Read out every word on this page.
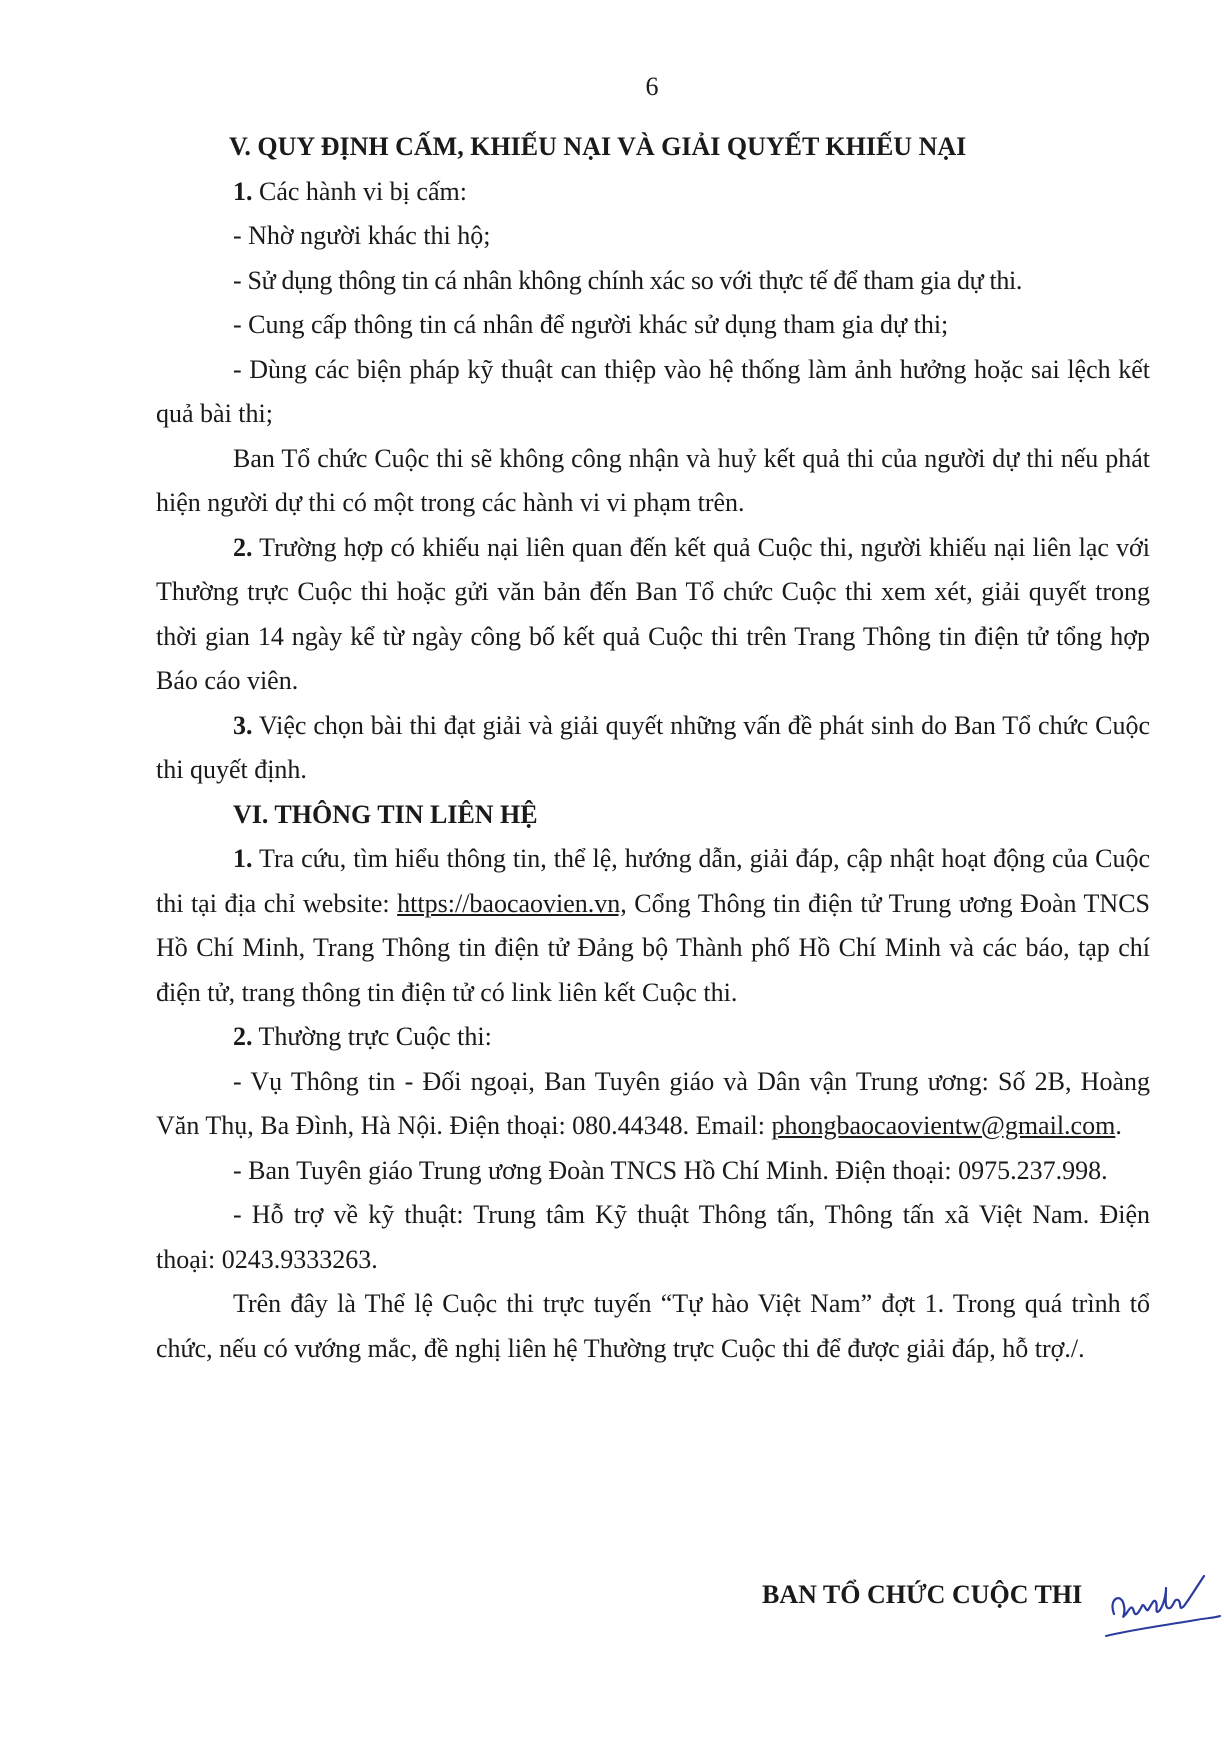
6

V. QUY ĐỊNH CẤM, KHIẾU NẠI VÀ GIẢI QUYẾT KHIẾU NẠI

1. Các hành vi bị cấm:

- Nhờ người khác thi hộ;

- Sử dụng thông tin cá nhân không chính xác so với thực tế để tham gia dự thi.

- Cung cấp thông tin cá nhân để người khác sử dụng tham gia dự thi;

- Dùng các biện pháp kỹ thuật can thiệp vào hệ thống làm ảnh hưởng hoặc sai lệch kết quả bài thi;

Ban Tổ chức Cuộc thi sẽ không công nhận và huỷ kết quả thi của người dự thi nếu phát hiện người dự thi có một trong các hành vi vi phạm trên.

2. Trường hợp có khiếu nại liên quan đến kết quả Cuộc thi, người khiếu nại liên lạc với Thường trực Cuộc thi hoặc gửi văn bản đến Ban Tổ chức Cuộc thi xem xét, giải quyết trong thời gian 14 ngày kể từ ngày công bố kết quả Cuộc thi trên Trang Thông tin điện tử tổng hợp Báo cáo viên.

3. Việc chọn bài thi đạt giải và giải quyết những vấn đề phát sinh do Ban Tổ chức Cuộc thi quyết định.

VI. THÔNG TIN LIÊN HỆ

1. Tra cứu, tìm hiểu thông tin, thể lệ, hướng dẫn, giải đáp, cập nhật hoạt động của Cuộc thi tại địa chỉ website: https://baocaovien.vn, Cổng Thông tin điện tử Trung ương Đoàn TNCS Hồ Chí Minh, Trang Thông tin điện tử Đảng bộ Thành phố Hồ Chí Minh và các báo, tạp chí điện tử, trang thông tin điện tử có link liên kết Cuộc thi.

2. Thường trực Cuộc thi:

- Vụ Thông tin - Đối ngoại, Ban Tuyên giáo và Dân vận Trung ương: Số 2B, Hoàng Văn Thụ, Ba Đình, Hà Nội. Điện thoại: 080.44348. Email: phongbaocaovientw@gmail.com.

- Ban Tuyên giáo Trung ương Đoàn TNCS Hồ Chí Minh. Điện thoại: 0975.237.998.

- Hỗ trợ về kỹ thuật: Trung tâm Kỹ thuật Thông tấn, Thông tấn xã Việt Nam. Điện thoại: 0243.9333263.

Trên đây là Thể lệ Cuộc thi trực tuyến “Tự hào Việt Nam” đợt 1. Trong quá trình tổ chức, nếu có vướng mắc, đề nghị liên hệ Thường trực Cuộc thi để được giải đáp, hỗ trợ./.

BAN TỔ CHỨC CUỘC THI
